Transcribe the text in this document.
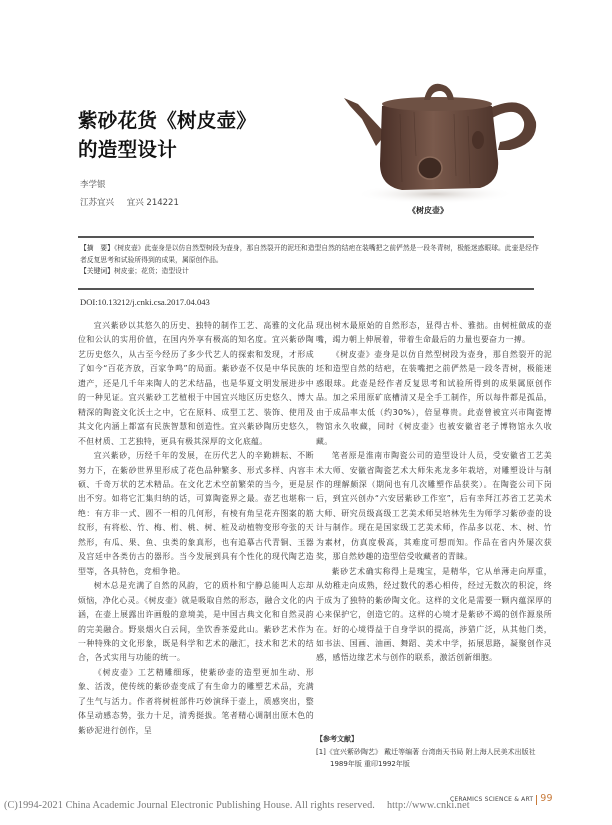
紫砂花货《树皮壶》
的造型设计
李学银
江苏宜兴 宜兴 214221
《树皮壶》
【摘　要】《树皮壶》此壶身是以仿自然型树段为壶身，那自然裂开的泥坯和造型自然的结疤在装嘴把之前俨然是一段冬青树，极能迷惑眼球。此壶是经作者反复思考和试验所得到的成果，属原创作品。
【关键词】树皮壶；花货；造型设计
DOI:10.13212/j.cnki.csa.2017.04.043

宜兴紫砂以其悠久的历史、独特的制作工艺、高雅的文化品位和公认的实用价值，在国内外享有极高的知名度。宜兴紫砂陶艺历史悠久，从古至今经历了多少代艺人的探索和发现，才形成了如今“百花齐放，百家争鸣”的局面。紫砂壶不仅是中华民族的遗产，还是几千年来陶人的艺术结晶，也是华夏文明发展进步中的一种见证。宜兴紫砂工艺植根于中国宜兴地区历史悠久、博大精深的陶瓷文化沃土之中，它在原料、成型工艺、装饰、使用及其文化内涵上都富有民族智慧和创造性。宜兴紫砂陶历史悠久，不但材质、工艺独特，更具有极其深厚的文化底蕴。

宜兴紫砂，历经千年的发展，在历代艺人的辛勤耕耘、不断努力下，在紫砂世界里形成了花色品种繁多、形式多样、内容丰硕、千奇万状的艺术精品。在文化艺术空前繁荣的当今，更是层出不穷。如将它汇集归纳的话，可算陶瓷界之最。壶艺也堪称一绝：有方非一式、圆不一相的几何形，有棱有角呈花卉图案的筋纹形，有将松、竹、梅、桁、桃、树、桩及动植物变形夸张的天然形，有瓜、果、鱼、虫类的象真形，也有追摹古代青铜、玉器及宫廷中各类仿古的器形。当今发展到具有个性化的现代陶艺造型等，各具特色，竞相争艳。

树木总是充满了自然的风韵，它的质朴和宁静总能叫人忘却烦恼，净化心灵。《树皮壶》就是吸取自然的形态，融合文化的内涵，在壶上展露出许画般的意境美，是中国古典文化和自然灵韵的完美融合。野泉烟火白云间，坐饮香茶爱此山。紫砂艺术作为一种特殊的文化形象，既是科学和艺术的融汇，技术和艺术的结合，各式实用与功能的统一。

《树皮壶》工艺精雕细琢，使紫砂壶的造型更加生动、形象、活泼，使传统的紫砂壶变成了有生命力的雕塑艺术品，充满了生气与活力。作者将树桩部件巧妙演绎于壶上，质感突出，整体呈动感态势，张力十足，清秀挺拔。笔者精心调制出原木色的紫砂泥进行创作，呈

现出树木最原始的自然形态，显得古朴、雅拙。由树桩做成的壶嘴，竭力朝上伸展着，带着生命最后的力量也要奋力一搏。

《树皮壶》壶身是以仿自然型树段为壶身，那自然裂开的泥坯和造型自然的结疤，在装嘴把之前俨然是一段冬青树，极能迷惑眼球。此壶是经作者反复思考和试验所得到的成果属原创作品。加之采用原矿底槽清又是全手工制作，所以每件都是孤品，由于成品率太低（约30%），倍显尊贵。此壶曾被宜兴市陶瓷博物馆永久收藏，同时《树皮壶》也被安徽省老子博物馆永久收藏。

笔者原是淮南市陶瓷公司的造型设计人员，受安徽省工艺美术大师、安徽省陶瓷艺术大师朱兆龙多年栽培，对雕塑设计与制作的理解颇深（期间也有几次雕塑作品获奖）。在陶瓷公司下岗后，到宜兴创办“六安居紫砂工作室”，后有幸拜江苏省工艺美术大师、研究员级高级工艺美术师吴培林先生为师学习紫砂壶的设计与制作。现在是国家级工艺美术师，作品多以花、木、树、竹为素材，仿真度极高，其难度可想而知。作品在省内外屡次获奖，那自然妙趣的造型倍受收藏者的青睐。

紫砂艺术确实称得上是瑰宝，是精华，它从单薄走向厚重，从幼稚走向成熟，经过数代的悉心相传，经过无数次的积淀，终于成为了独特的紫砂陶文化。这样的文化是需要一颗内蕴深厚的心来保护它，创造它的。这样的心境才是紫砂不竭的创作源泉所在。好的心境得益于自身学识的提高，涉猎广泛，从其他门类，如书法、国画、油画、舞蹈、美术中学，拓展思路，凝聚创作灵感，感悟边缘艺术与创作的联系，激活创新细胞。

【参考文献】
[1]《宜兴紫砂陶艺》 戴迁等编著 台湾南天书局 附上海人民美术出版社 1989年版 重印1992年版
CERAMICS SCIENCE & ART 99
(C)1994-2021 China Academic Journal Electronic Publishing House. All rights reserved. http://www.cnki.net
